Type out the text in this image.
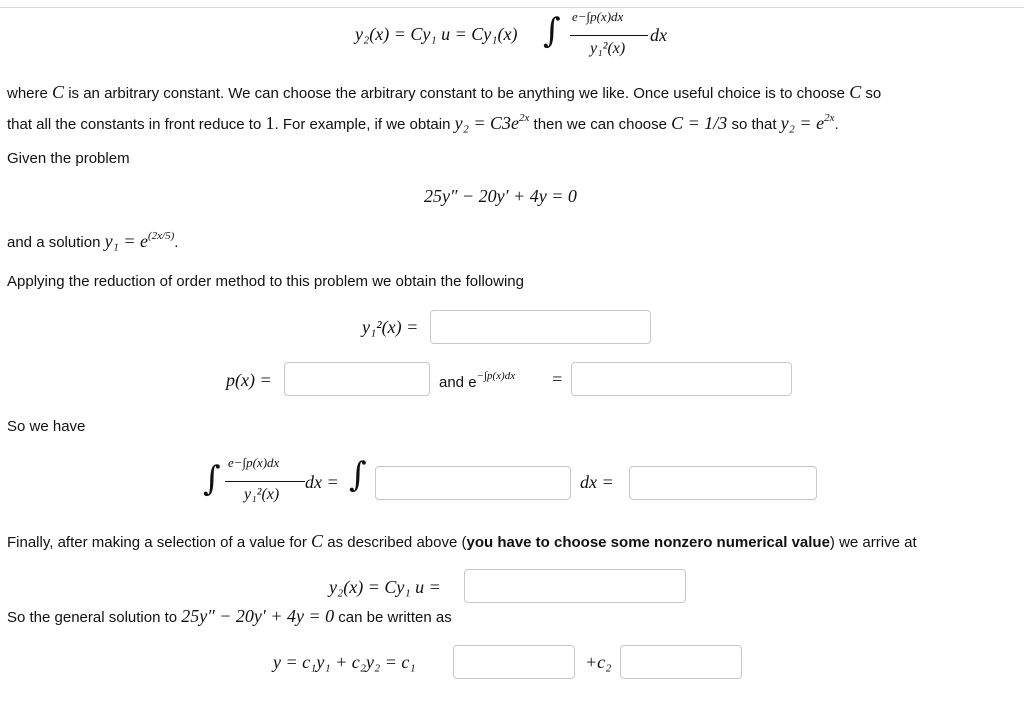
y₂(x) = Cy₁ u = Cy₁(x) ∫ e−∫p(x)dx
y₁²(x)
dx
where C is an arbitrary constant. We can choose the arbitrary constant to be anything we like. Once useful choice is to choose C so
that all the constants in front reduce to 1. For example, if we obtain $y_2 = C3e^{2x}$ then we can choose C = 1/3 so that $y_2 = e^{2x}$.
Given the problem
25y″ − 20y′ + 4y = 0
and a solution $y_1 = e^{(2x/5)}$.
Applying the reduction of order method to this problem we obtain the following
y₁²(x) =
p(x) =	and $e^{-\int p(x)dx}$ =
So we have
∫ e−∫p(x)dx
y₁²(x)
dx = ∫	dx =
Finally, after making a selection of a value for C as described above (you have to choose some nonzero numerical value) we arrive at
y₂(x) = Cy₁ u =
So the general solution to 25y″ − 20y′ + 4y = 0 can be written as
y = c₁y₁ + c₂y₂ = c₁	+c₂
